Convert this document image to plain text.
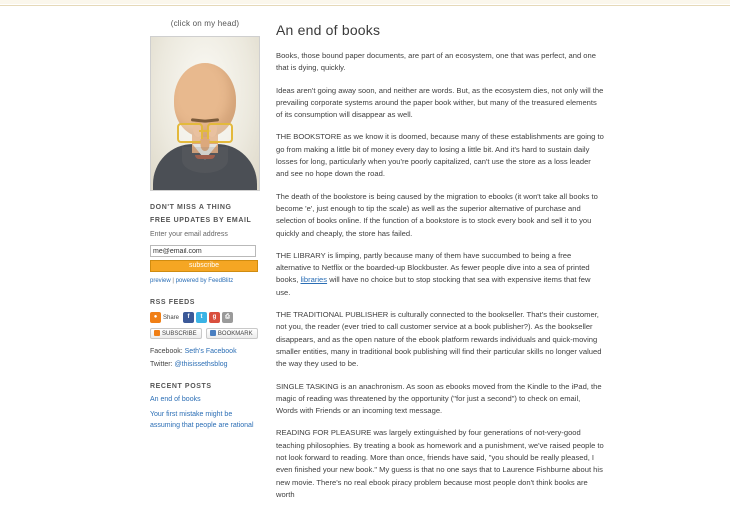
(click on my head)
DON'T MISS A THING
FREE UPDATES BY EMAIL
Enter your email address
me@email.com
subscribe
preview | powered by FeedBlitz
RSS FEEDS
● Share	f	t	g	⎙
SUBSCRIBE	BOOKMARK
Facebook: Seth's Facebook
Twitter: @thisissethsblog
RECENT POSTS
An end of books
Your first mistake might be assuming that people are rational
An end of books

Books, those bound paper documents, are part of an ecosystem, one that was perfect, and one that is dying, quickly.

Ideas aren't going away soon, and neither are words. But, as the ecosystem dies, not only will the prevailing corporate systems around the paper book wither, but many of the treasured elements of its consumption will disappear as well.

THE BOOKSTORE as we know it is doomed, because many of these establishments are going to go from making a little bit of money every day to losing a little bit. And it's hard to sustain daily losses for long, particularly when you're poorly capitalized, can't use the store as a loss leader and see no hope down the road.

The death of the bookstore is being caused by the migration to ebooks (it won't take all books to become 'e', just enough to tip the scale) as well as the superior alternative of purchase and selection of books online. If the function of a bookstore is to stock every book and sell it to you quickly and cheaply, the store has failed.

THE LIBRARY is limping, partly because many of them have succumbed to being a free alternative to Netflix or the boarded-up Blockbuster. As fewer people dive into a sea of printed books, libraries will have no choice but to stop stocking that sea with expensive items that few use.

THE TRADITIONAL PUBLISHER is culturally connected to the bookseller. That's their customer, not you, the reader (ever tried to call customer service at a book publisher?). As the bookseller disappears, and as the open nature of the ebook platform rewards individuals and quick-moving smaller entities, many in traditional book publishing will find their particular skills no longer valued the way they used to be.

SINGLE TASKING is an anachronism. As soon as ebooks moved from the Kindle to the iPad, the magic of reading was threatened by the opportunity ("for just a second") to check on email, Words with Friends or an incoming text message.

READING FOR PLEASURE was largely extinguished by four generations of not-very-good teaching philosophies. By treating a book as homework and a punishment, we've raised people to not look forward to reading. More than once, friends have said, "you should be really pleased, I even finished your new book." My guess is that no one says that to Laurence Fishburne about his new movie. There's no real ebook piracy problem because most people don't think books are worth
